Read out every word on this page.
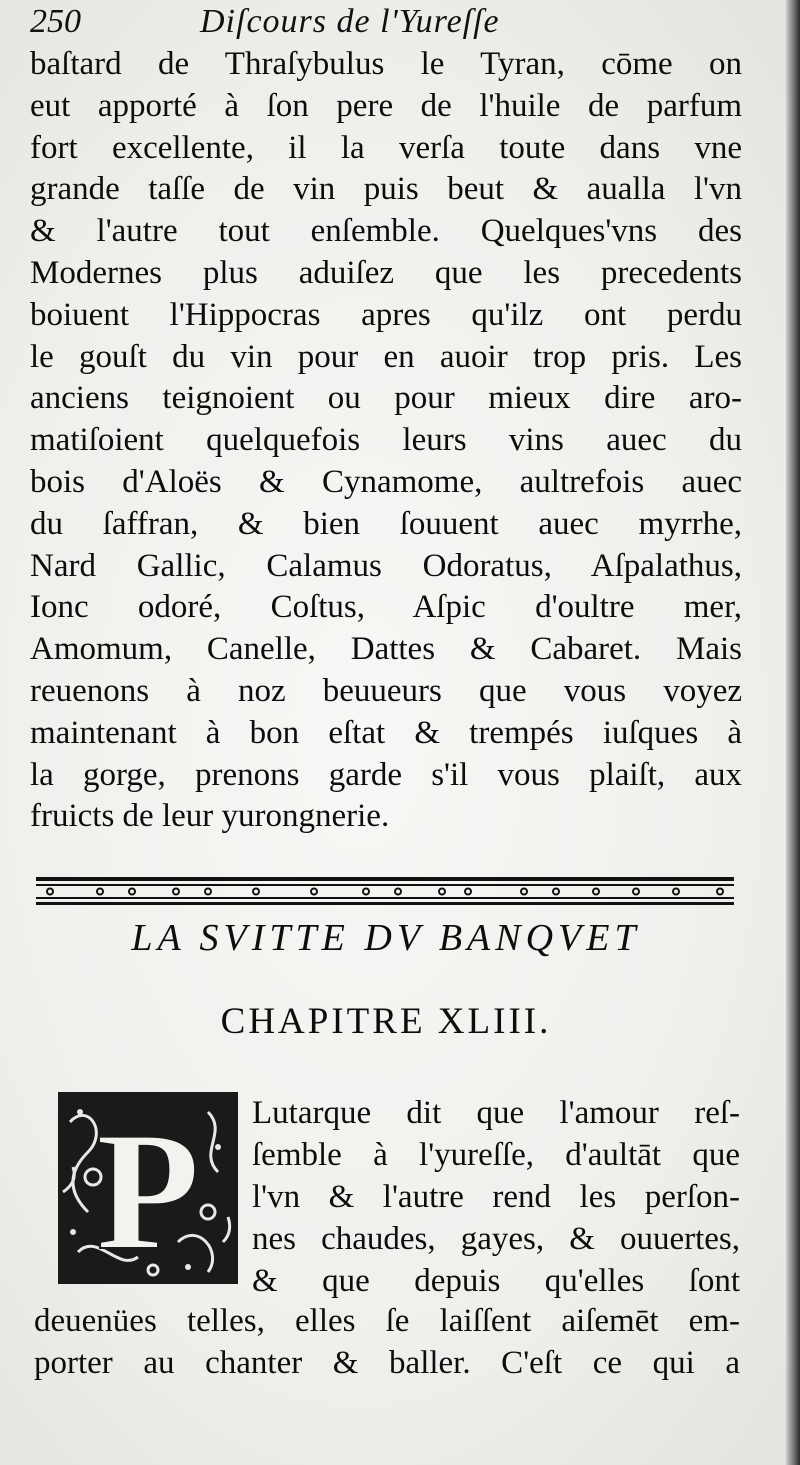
250	Diſcours de l'Yureſſe
baſtard de Thraſybulus le Tyran, cōme on
eut apporté à ſon pere de l'huile de parfum
fort excellente, il la verſa toute dans vne
grande taſſe de vin puis beut & aualla l'vn
& l'autre tout enſemble. Quelques'vns des
Modernes plus aduiſez que les precedents
boiuent l'Hippocras apres qu'ilz ont perdu
le gouſt du vin pour en auoir trop pris. Les
anciens teignoient ou pour mieux dire aro-
matiſoient quelquefois leurs vins auec du
bois d'Aloës & Cynamome, aultrefois auec
du ſaffran, & bien ſouuent auec myrrhe,
Nard Gallic, Calamus Odoratus, Aſpalathus,
Ionc odoré, Coſtus, Aſpic d'oultre mer,
Amomum, Canelle, Dattes & Cabaret. Mais
reuenons à noz beuueurs que vous voyez
maintenant à bon eſtat & trempés iuſques à
la gorge, prenons garde s'il vous plaiſt, aux
fruicts de leur yurongnerie.
LA SVITTE DV BANQVET
CHAPITRE XLIII.
P Lutarque dit que l'amour reſ-
ſemble à l'yureſſe, d'aultāt que
l'vn & l'autre rend les perſon-
nes chaudes, gayes, & ouuertes,
& que depuis qu'elles ſont
deuenües telles, elles ſe laiſſent aiſemēt em-
porter au chanter & baller. C'eſt ce qui a
